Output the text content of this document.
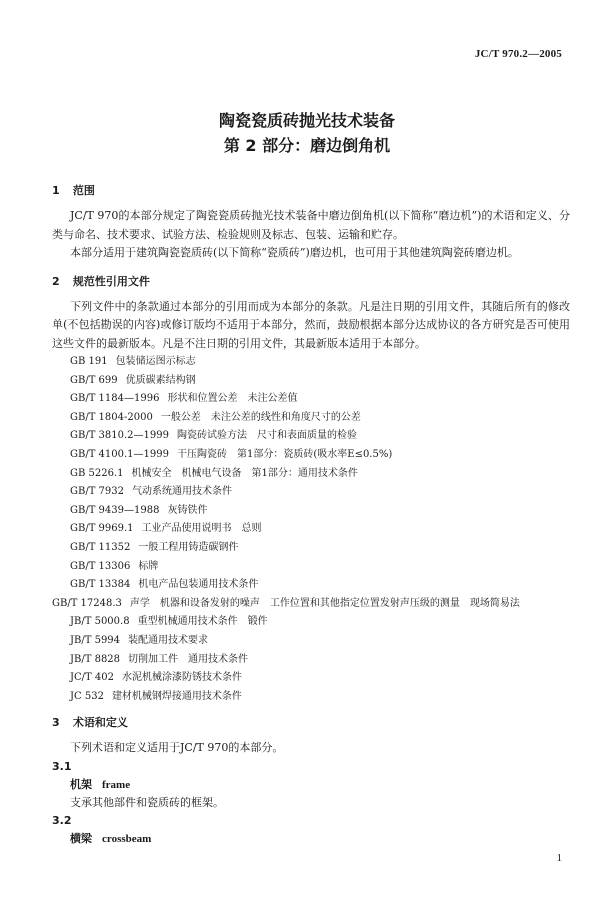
JC/T 970.2—2005
陶瓷瓷质砖抛光技术装备
第 2 部分：磨边倒角机
1 范围

JC/T 970的本部分规定了陶瓷瓷质砖抛光技术装备中磨边倒角机(以下简称“磨边机”)的术语和定义、分类与命名、技术要求、试验方法、检验规则及标志、包装、运输和贮存。

本部分适用于建筑陶瓷瓷质砖(以下简称“瓷质砖”)磨边机，也可用于其他建筑陶瓷砖磨边机。

2 规范性引用文件

下列文件中的条款通过本部分的引用而成为本部分的条款。凡是注日期的引用文件，其随后所有的修改单(不包括勘误的内容)或修订版均不适用于本部分，然而，鼓励根据本部分达成协议的各方研究是否可使用这些文件的最新版本。凡是不注日期的引用文件，其最新版本适用于本部分。

GB 191 包装储运图示标志
GB/T 699 优质碳素结构钢
GB/T 1184—1996 形状和位置公差　未注公差值
GB/T 1804-2000 一般公差　未注公差的线性和角度尺寸的公差
GB/T 3810.2—1999 陶瓷砖试验方法　尺寸和表面质量的检验
GB/T 4100.1—1999 干压陶瓷砖　第1部分：瓷质砖(吸水率E≤0.5%)
GB 5226.1 机械安全　机械电气设备　第1部分：通用技术条件
GB/T 7932 气动系统通用技术条件
GB/T 9439—1988 灰铸铁件
GB/T 9969.1 工业产品使用说明书　总则
GB/T 11352 一般工程用铸造碳钢件
GB/T 13306 标牌
GB/T 13384 机电产品包装通用技术条件
GB/T 17248.3 声学　机器和设备发射的噪声　工作位置和其他指定位置发射声压级的测量　现场简易法
JB/T 5000.8 重型机械通用技术条件　锻件
JB/T 5994 装配通用技术要求
JB/T 8828 切削加工件　通用技术条件
JC/T 402 水泥机械涂漆防锈技术条件
JC 532 建材机械钢焊接通用技术条件
3 术语和定义

下列术语和定义适用于JC/T 970的本部分。

3.1
机架 frame

支承其他部件和瓷质砖的框架。

3.2
横梁 crossbeam
1
